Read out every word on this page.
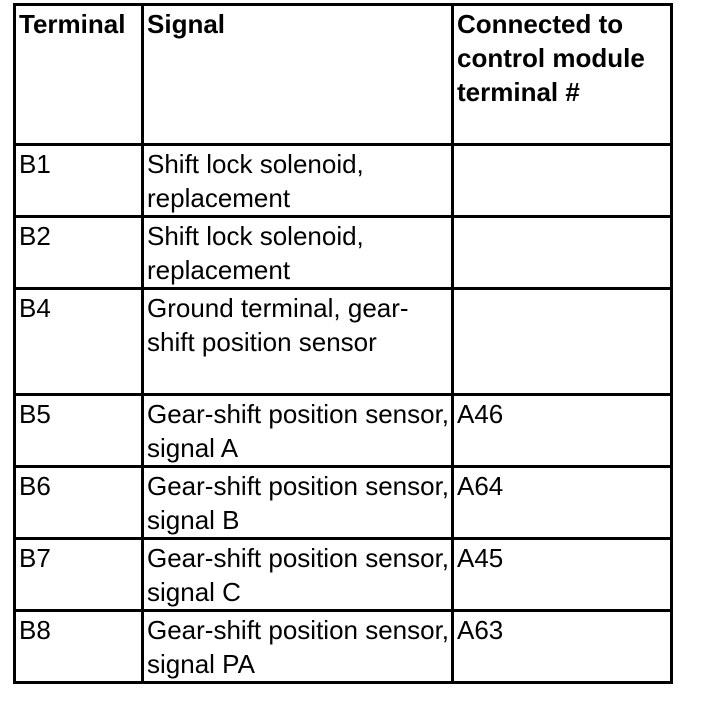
Terminal	Signal	Connected to control module terminal #
B1	Shift lock solenoid, replacement	
B2	Shift lock solenoid, replacement	
B4	Ground terminal, gear-shift position sensor	
B5	Gear-shift position sensor, signal A	A46
B6	Gear-shift position sensor, signal B	A64
B7	Gear-shift position sensor, signal C	A45
B8	Gear-shift position sensor, signal PA	A63
